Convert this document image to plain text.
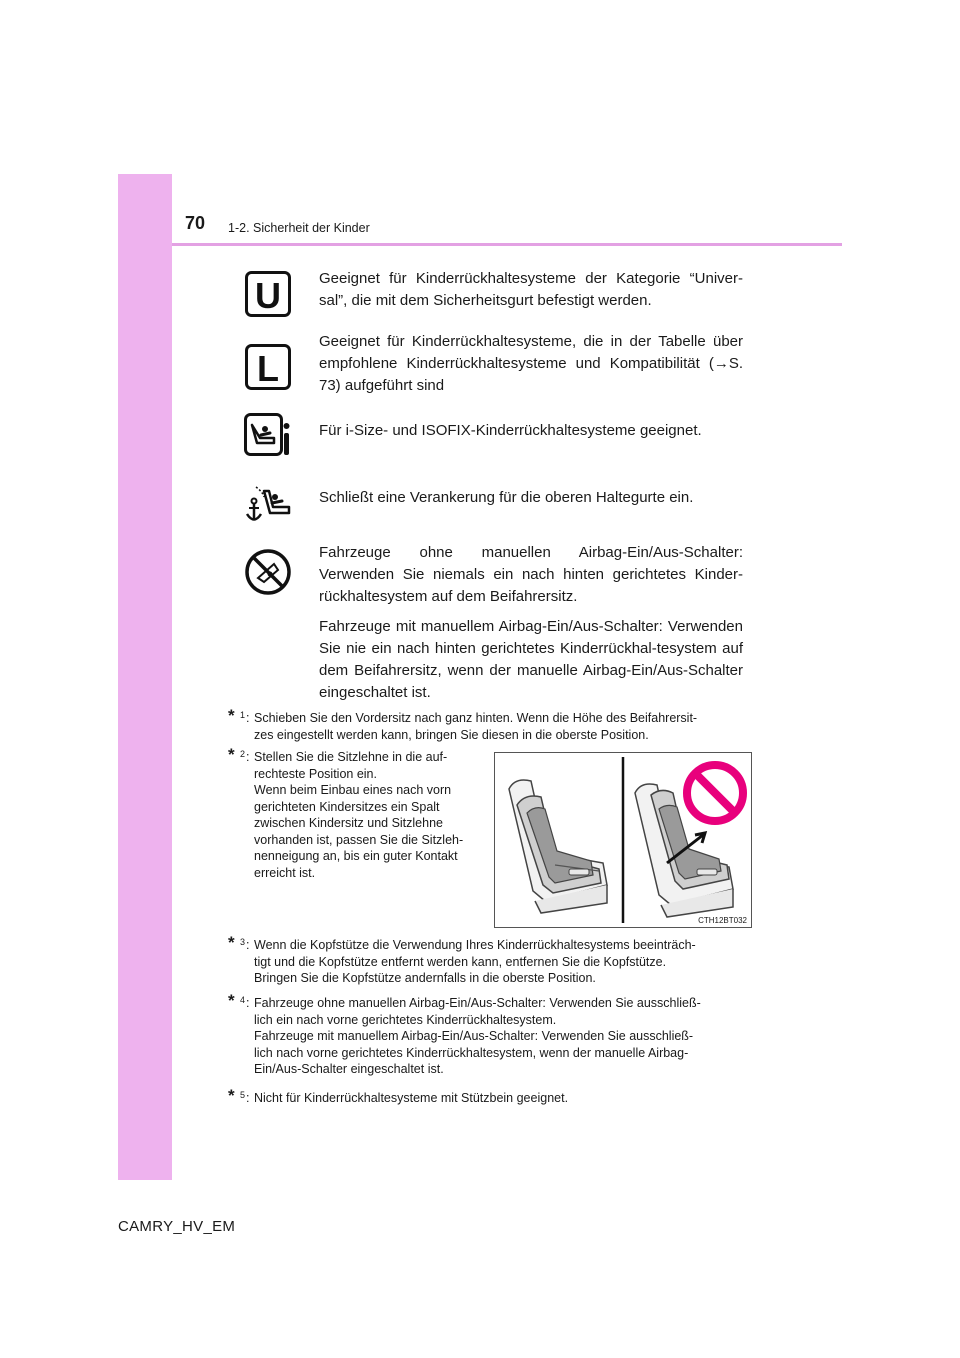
70 1-2. Sicherheit der Kinder
U	Geeignet für Kinderrückhaltesysteme der Kategorie “Univer-sal”, die mit dem Sicherheitsgurt befestigt werden.

L

Geeignet für Kinderrückhaltesysteme, die in der Tabelle über empfohlene Kinderrückhaltesysteme und Kompatibilität (→S. 73) aufgeführt sind

Für i-Size- und ISOFIX-Kinderrückhaltesysteme geeignet.

Schließt eine Verankerung für die oberen Haltegurte ein.

Fahrzeuge ohne manuellen Airbag-Ein/Aus-Schalter: Verwenden Sie niemals ein nach hinten gerichtetes Kinder-rückhaltesystem auf dem Beifahrersitz.

Fahrzeuge mit manuellem Airbag-Ein/Aus-Schalter: Verwenden Sie nie ein nach hinten gerichtetes Kinderrückhal-tesystem auf dem Beifahrersitz, wenn der manuelle Airbag-Ein/Aus-Schalter eingeschaltet ist.

* 1 : Schieben Sie den Vordersitz nach ganz hinten. Wenn die Höhe des Beifahrersit-
zes eingestellt werden kann, bringen Sie diesen in die oberste Position.
* 2 : Stellen Sie die Sitzlehne in die auf-
rechteste Position ein.
Wenn beim Einbau eines nach vorn
gerichteten Kindersitzes ein Spalt
zwischen Kindersitz und Sitzlehne
vorhanden ist, passen Sie die Sitzleh-
nenneigung an, bis ein guter Kontakt
erreicht ist.
CTH12BT032
* 3 : Wenn die Kopfstütze die Verwendung Ihres Kinderrückhaltesystems beeinträch-
tigt und die Kopfstütze entfernt werden kann, entfernen Sie die Kopfstütze.
Bringen Sie die Kopfstütze andernfalls in die oberste Position.
* 4 : Fahrzeuge ohne manuellen Airbag-Ein/Aus-Schalter: Verwenden Sie ausschließ-
lich ein nach vorne gerichtetes Kinderrückhaltesystem.
Fahrzeuge mit manuellem Airbag-Ein/Aus-Schalter: Verwenden Sie ausschließ-
lich nach vorne gerichtetes Kinderrückhaltesystem, wenn der manuelle Airbag-
Ein/Aus-Schalter eingeschaltet ist.
* 5 : Nicht für Kinderrückhaltesysteme mit Stützbein geeignet.
CAMRY_HV_EM
